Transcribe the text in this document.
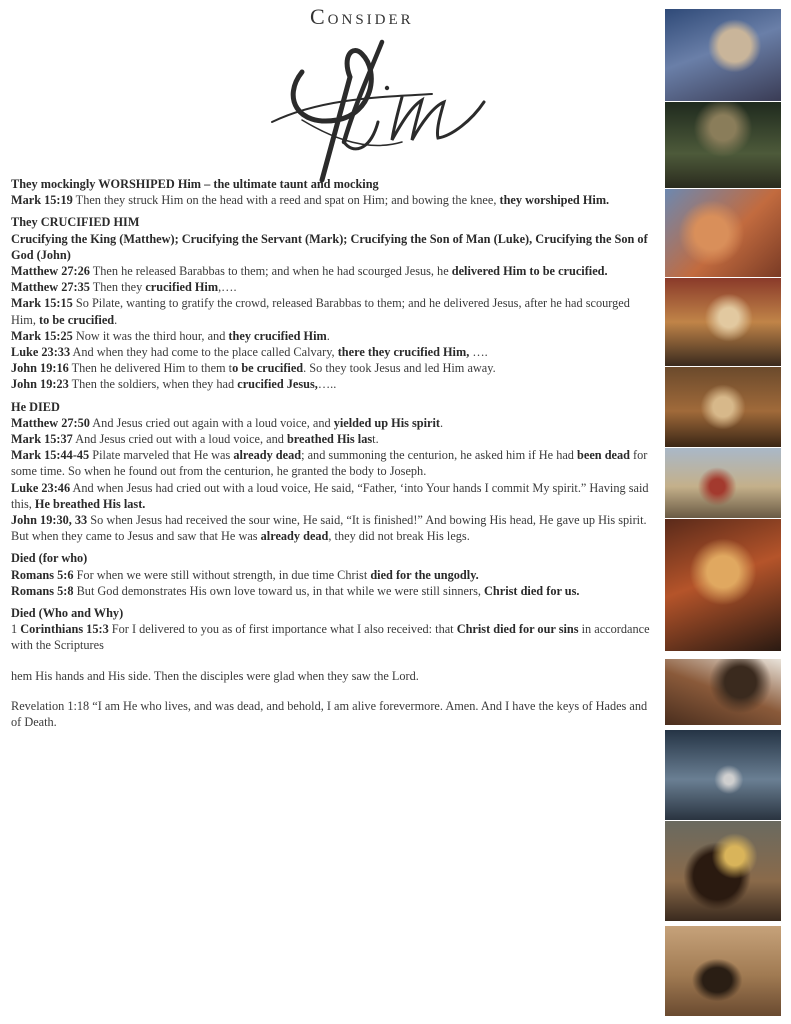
Consider

They mockingly WORSHIPED Him – the ultimate taunt and mocking

Mark 15:19 Then they struck Him on the head with a reed and spat on Him; and bowing the knee, they worshiped Him.

They CRUCIFIED HIM

Crucifying the King (Matthew); Crucifying the Servant (Mark); Crucifying the Son of Man (Luke), Crucifying the Son of God (John)

Matthew 27:26 Then he released Barabbas to them; and when he had scourged Jesus, he delivered Him to be crucified.

Matthew 27:35 Then they crucified Him,….

Mark 15:15 So Pilate, wanting to gratify the crowd, released Barabbas to them; and he delivered Jesus, after he had scourged Him, to be crucified.

Mark 15:25 Now it was the third hour, and they crucified Him.

Luke 23:33 And when they had come to the place called Calvary, there they crucified Him, ….

John 19:16 Then he delivered Him to them to be crucified. So they took Jesus and led Him away.

John 19:23 Then the soldiers, when they had crucified Jesus,…..

He DIED

Matthew 27:50 And Jesus cried out again with a loud voice, and yielded up His spirit.

Mark 15:37 And Jesus cried out with a loud voice, and breathed His last.

Mark 15:44-45 Pilate marveled that He was already dead; and summoning the centurion, he asked him if He had been dead for some time. So when he found out from the centurion, he granted the body to Joseph.

Luke 23:46 And when Jesus had cried out with a loud voice, He said, “Father, ‘into Your hands I commit My spirit.” Having said this, He breathed His last.

John 19:30, 33 So when Jesus had received the sour wine, He said, “It is finished!” And bowing His head, He gave up His spirit. But when they came to Jesus and saw that He was already dead, they did not break His legs.

Died (for who)

Romans 5:6 For when we were still without strength, in due time Christ died for the ungodly.

Romans 5:8 But God demonstrates His own love toward us, in that while we were still sinners, Christ died for us.

Died (Who and Why)

1 Corinthians 15:3 For I delivered to you as of first importance what I also received: that Christ died for our sins in accordance with the Scriptures

hem His hands and His side. Then the disciples were glad when they saw the Lord.

Revelation 1:18 “I am He who lives, and was dead, and behold, I am alive forevermore. Amen. And I have the keys of Hades and of Death.
